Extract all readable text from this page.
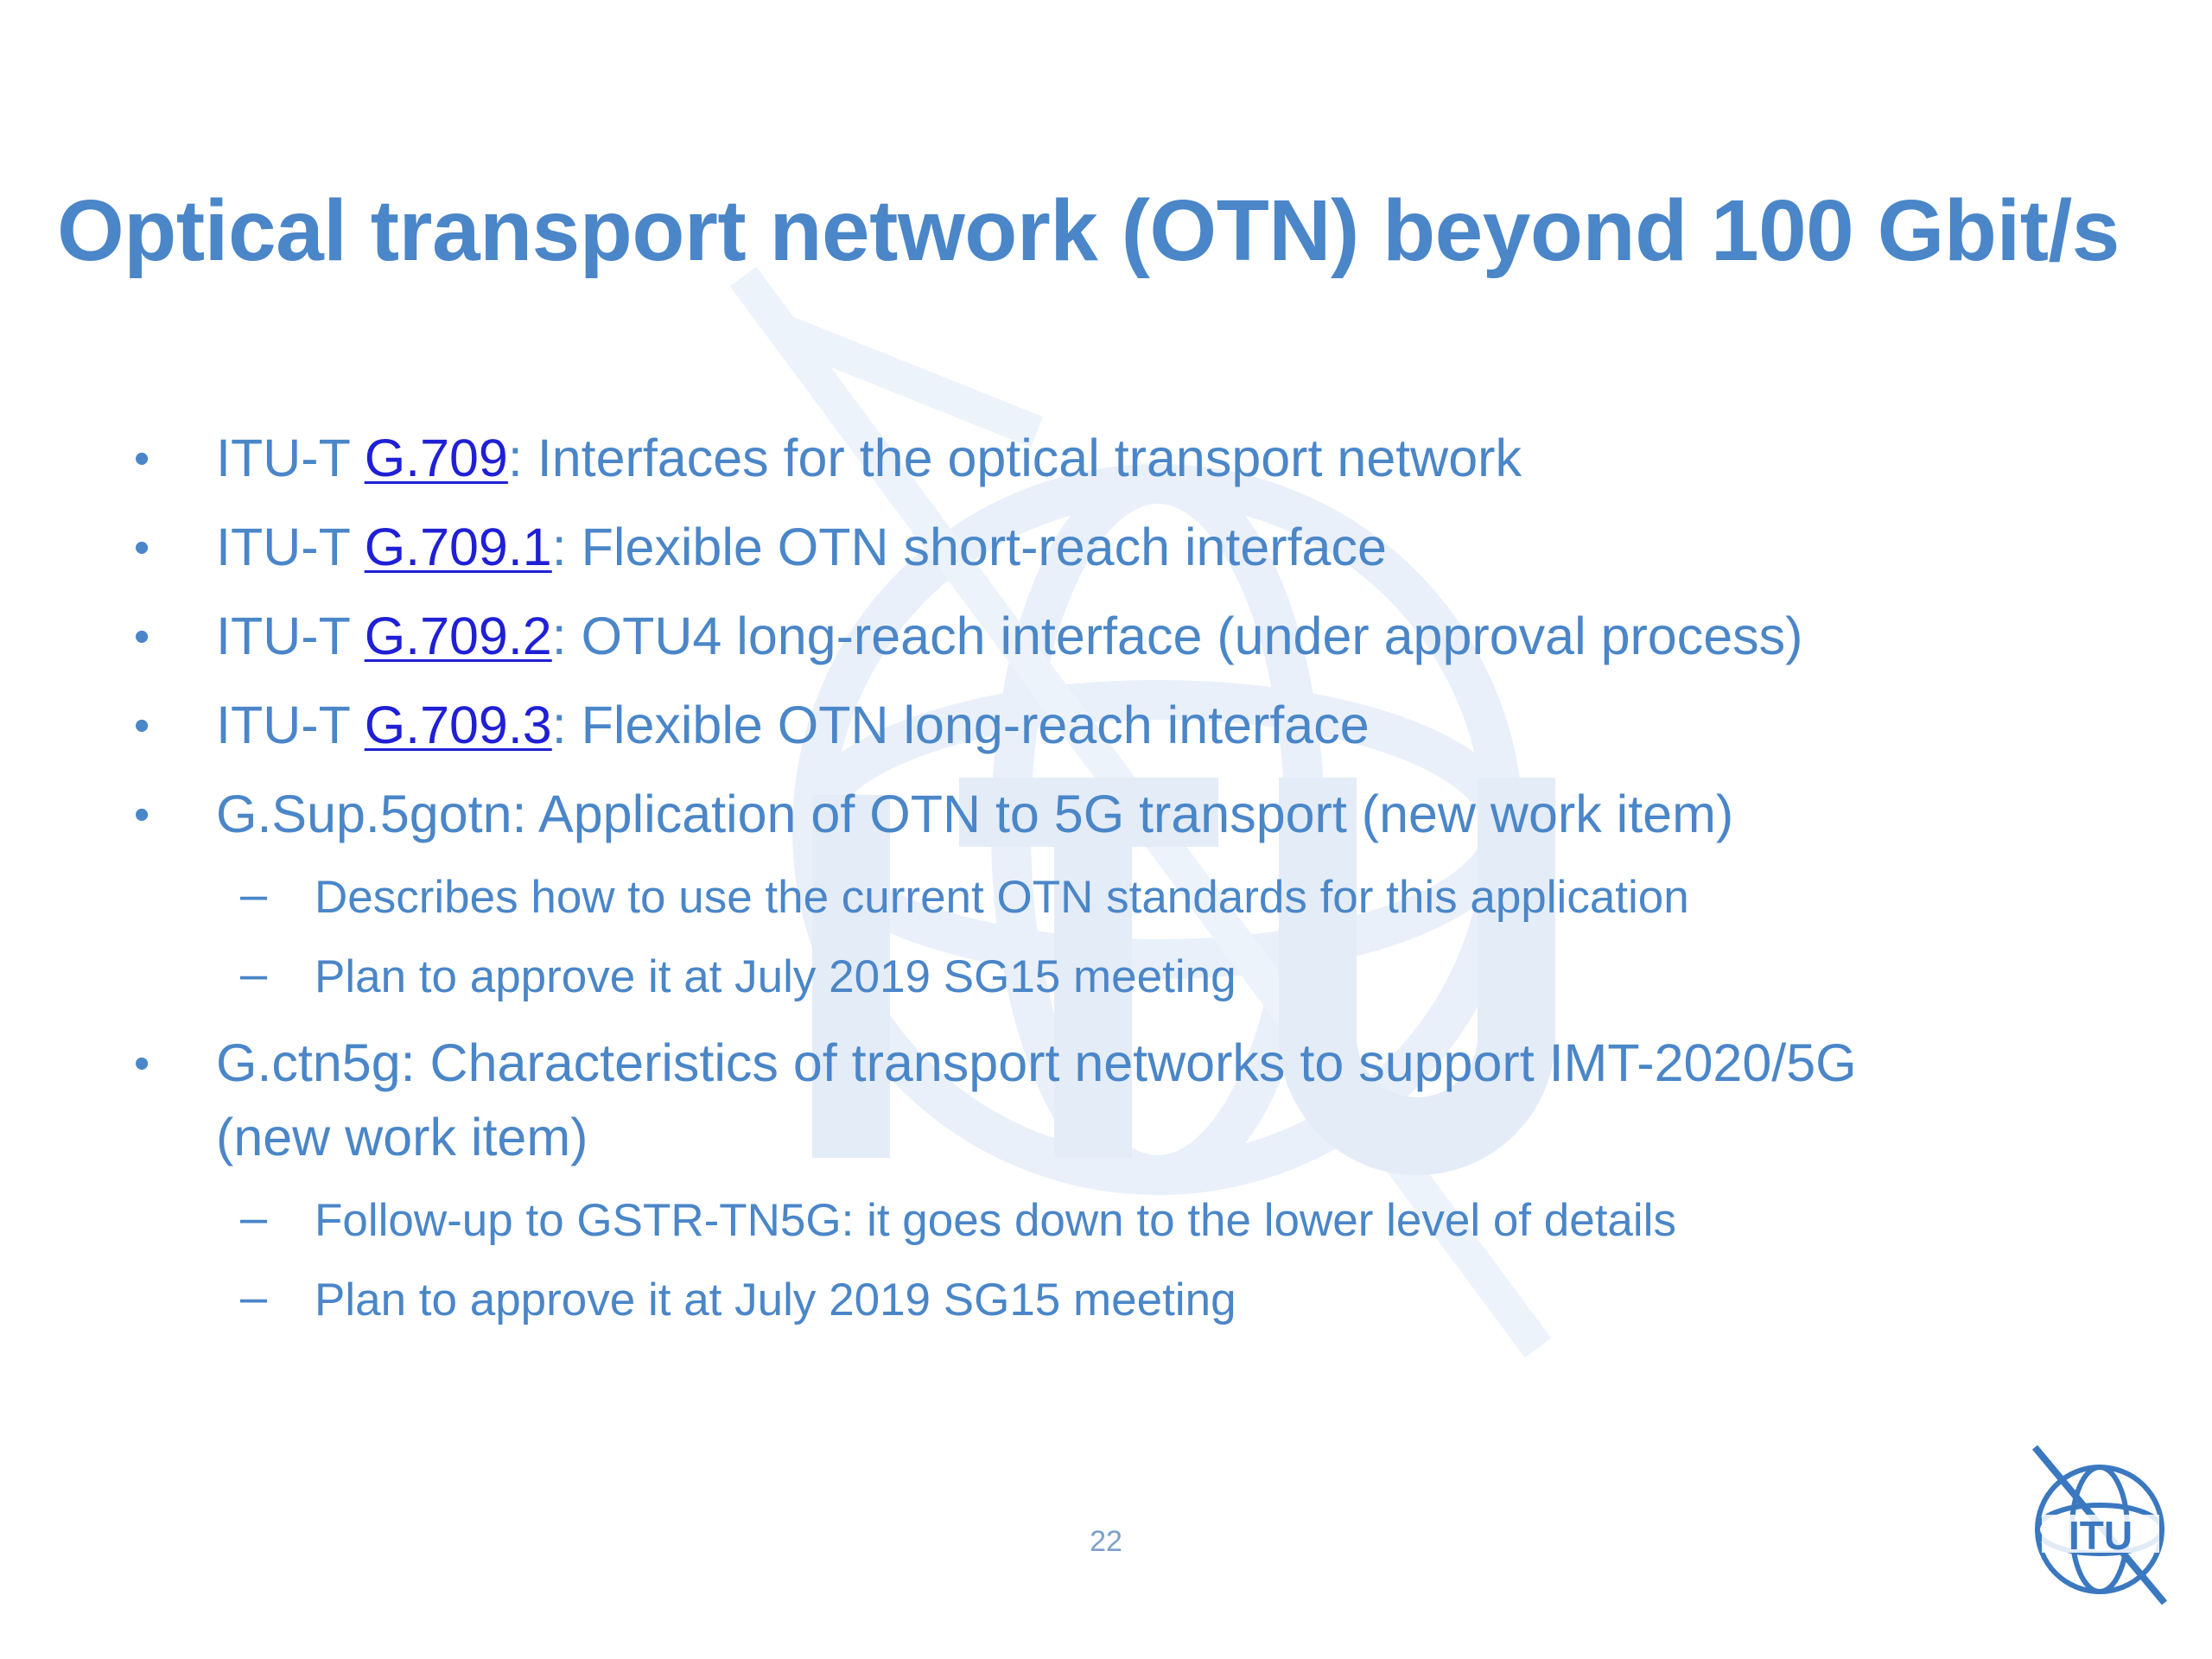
Optical transport network (OTN) beyond 100 Gbit/s
• ITU-T G.709: Interfaces for the optical transport network
• ITU-T G.709.1: Flexible OTN short-reach interface
• ITU-T G.709.2: OTU4 long-reach interface (under approval process)
• ITU-T G.709.3: Flexible OTN long-reach interface
• G.Sup.5gotn: Application of OTN to 5G transport (new work item)
– Describes how to use the current OTN standards for this application
– Plan to approve it at July 2019 SG15 meeting
• G.ctn5g: Characteristics of transport networks to support IMT-2020/5G
(new work item)
– Follow-up to GSTR-TN5G: it goes down to the lower level of details
– Plan to approve it at July 2019 SG15 meeting
22	ITU
